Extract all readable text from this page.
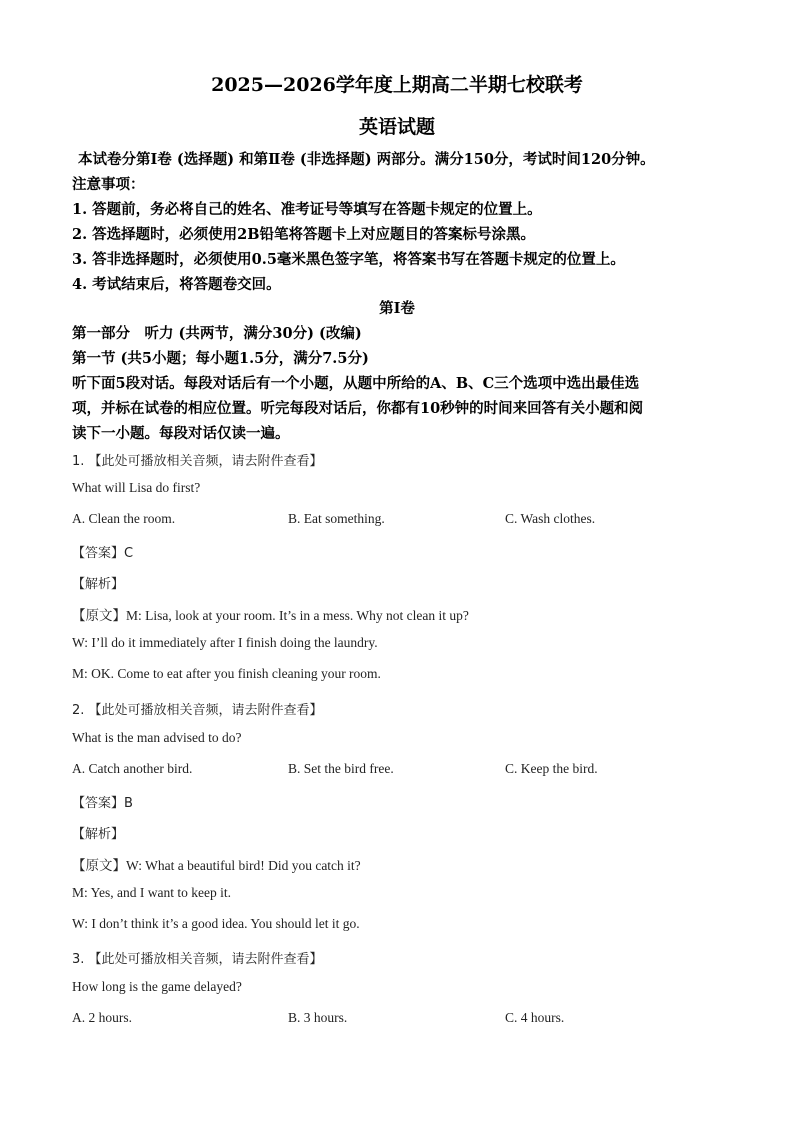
2025—2026学年度上期高二半期七校联考
英语试题
本试卷分第Ⅰ卷 (选择题) 和第Ⅱ卷 (非选择题) 两部分。满分150分，考试时间120分钟。
注意事项：
1. 答题前，务必将自己的姓名、准考证号等填写在答题卡规定的位置上。
2. 答选择题时，必须使用2B铅笔将答题卡上对应题目的答案标号涂黑。
3. 答非选择题时，必须使用0.5毫米黑色签字笔，将答案书写在答题卡规定的位置上。
4. 考试结束后，将答题卷交回。
第Ⅰ卷
第一部分　听力 (共两节，满分30分) (改编)
第一节 (共5小题；每小题1.5分，满分7.5分)
听下面5段对话。每段对话后有一个小题，从题中所给的A、B、C三个选项中选出最佳选
项，并标在试卷的相应位置。听完每段对话后，你都有10秒钟的时间来回答有关小题和阅
读下一小题。每段对话仅读一遍。
1. 【此处可播放相关音频，请去附件查看】
What will Lisa do first?
A. Clean the room.	B. Eat something.	C. Wash clothes.
【答案】C
【解析】
【原文】M: Lisa, look at your room. It’s in a mess. Why not clean it up?
W: I’ll do it immediately after I finish doing the laundry.
M: OK. Come to eat after you finish cleaning your room.
2. 【此处可播放相关音频，请去附件查看】
What is the man advised to do?
A. Catch another bird.	B. Set the bird free.	C. Keep the bird.
【答案】B
【解析】
【原文】W: What a beautiful bird! Did you catch it?
M: Yes, and I want to keep it.
W: I don’t think it’s a good idea. You should let it go.
3. 【此处可播放相关音频，请去附件查看】
How long is the game delayed?
A. 2 hours.	B. 3 hours.	C. 4 hours.
